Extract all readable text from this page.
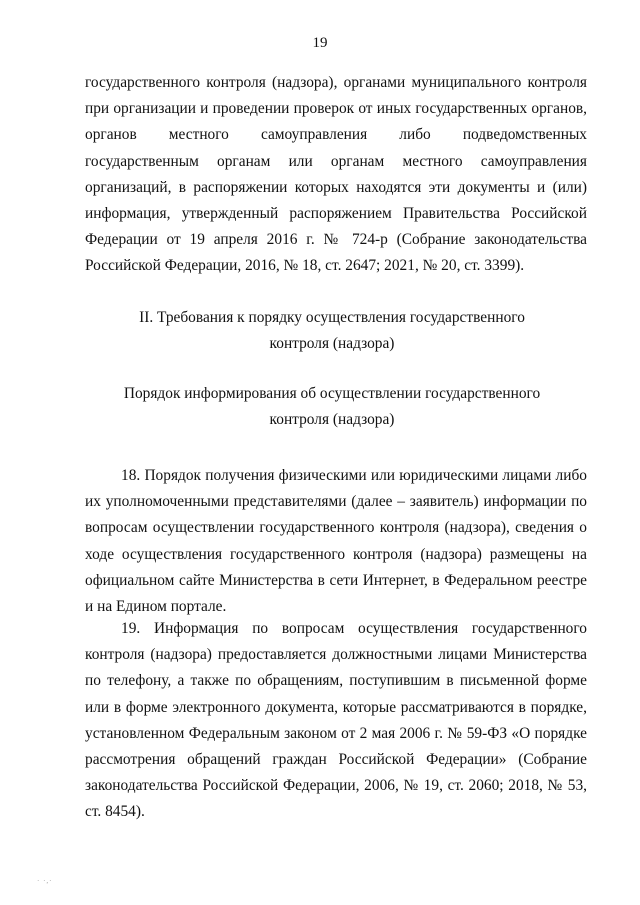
19

государственного контроля (надзора), органами муниципального контроля при организации и проведении проверок от иных государственных органов, органов местного самоуправления либо подведомственных государственным органам или органам местного самоуправления организаций, в распоряжении которых находятся эти документы и (или) информация, утвержденный распоряжением Правительства Российской Федерации от 19 апреля 2016 г. № 724-р (Собрание законодательства Российской Федерации, 2016, № 18, ст. 2647; 2021, № 20, ст. 3399).

II. Требования к порядку осуществления государственного
контроля (надзора)
Порядок информирования об осуществлении государственного
контроля (надзора)

18. Порядок получения физическими или юридическими лицами либо их уполномоченными представителями (далее – заявитель) информации по вопросам осуществлении государственного контроля (надзора), сведения о ходе осуществления государственного контроля (надзора) размещены на официальном сайте Министерства в сети Интернет, в Федеральном реестре и на Едином портале.

19. Информация по вопросам осуществления государственного контроля (надзора) предоставляется должностными лицами Министерства по телефону, а также по обращениям, поступившим в письменной форме или в форме электронного документа, которые рассматриваются в порядке, установленном Федеральным законом от 2 мая 2006 г. № 59-ФЗ «О порядке рассмотрения обращений граждан Российской Федерации» (Собрание законодательства Российской Федерации, 2006, № 19, ст. 2060; 2018, № 53, ст. 8454).

· ·,·
